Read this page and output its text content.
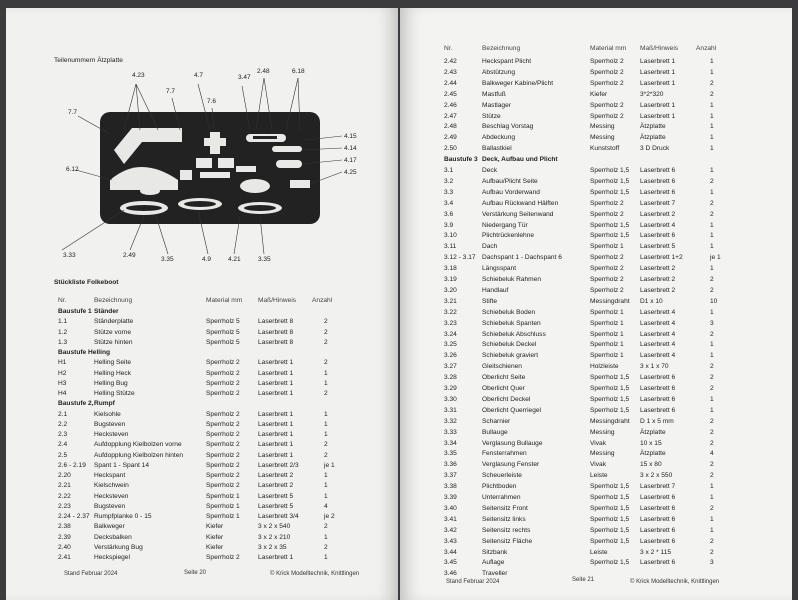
Teilenummern Ätzplatte
4.23	4.7	3.47
2.48	6.18
7.7
7.7
7.6
4.15
4.14
4.17
4.25
6.12
3.33	2.49
3.35	4.9	4.21	3.35
Stückliste Folkeboot
Nr.	Bezeichnung	Material mm Maß/Hinweis Anzahl
Baustufe 1 Ständer
1.1	Ständerplatte	Sperrholz 5	Laserbrett 8	2
1.2	Stütze vorne	Sperrholz 5	Laserbrett 8	2
1.3	Stütze hinten	Sperrholz 5	Laserbrett 8	2
Baustufe Helling
H1	Helling Seite	Sperrholz 2	Laserbrett 1	2
H2	Helling Heck	Sperrholz 2	Laserbrett 1	1
H3	Helling Bug	Sperrholz 2	Laserbrett 1	1
H4	Helling Stütze	Sperrholz 2	Laserbrett 1	2
Baustufe 2, Rumpf
2.1	Kielsohle	Sperrholz 2	Laserbrett 1	1
2.2	Bugsteven	Sperrholz 2	Laserbrett 1	1
2.3	Hecksteven	Sperrholz 2	Laserbrett 1	1
2.4	Aufdopplung Kielbolzen vorne	Sperrholz 2	Laserbrett 1	2
2.5	Aufdopplung Kielbolzen hinten	Sperrholz 2	Laserbrett 1	2
2.6 - 2.19 Spant 1 - Spant 14	Sperrholz 2	Laserbrett 2/3	je 1
2.20	Heckspant	Sperrholz 2	Laserbrett 2	1
2.21	Kielschwein	Sperrholz 2	Laserbrett 2	1
2.22	Hecksteven	Sperrholz 1	Laserbrett 5	1
2.23	Bugsteven	Sperrholz 1	Laserbrett 5	4
2.24 - 2.37 Rumpfplanke 0 - 15	Sperrholz 1	Laserbrett 3/4	je 2
2.38	Balkweger	Kiefer	3 x 2 x 540	2
2.39	Decksbalken	Kiefer	3 x 2 x 210	1
2.40	Verstärkung Bug	Kiefer	3 x 2 x 35	2
2.41	Heckspiegel	Sperrholz 2	Laserbrett 1	1
Stand Februar 2024	Seite 20	© Krick Modelltechnik, Knittlingen
Nr.	Bezeichnung	Material mm Maß/Hinweis	Anzahl
2.42	Heckspant Plicht	Sperrholz 2 Laserbrett 1	1
2.43	Abstützung	Sperrholz 2 Laserbrett 1	1
2.44	Balkweger Kabine/Plicht	Sperrholz 2 Laserbrett 1	2
2.45	Mastfuß	Kiefer	3*2*320	2
2.46	Mastlager	Sperrholz 2 Laserbrett 1	1
2.47	Stütze	Sperrholz 2 Laserbrett 1	1
2.48	Beschlag Vorstag	Messing	Ätzplatte	1
2.49	Abdeckung	Messing	Ätzplatte	1
2.50	Ballastkiel	Kunststoff	3 D Druck	1
Baustufe 3 Deck, Aufbau und Plicht
3.1	Deck	Sperrholz 1,5 Laserbrett 6	1
3.2	Aufbau/Plicht Seite	Sperrholz 1,5 Laserbrett 6	2
3.3	Aufbau Vorderwand	Sperrholz 1,5 Laserbrett 6	1
3.4	Aufbau Rückwand Hälften	Sperrholz 2 Laserbrett 7	2
3.6	Verstärkung Seitenwand	Sperrholz 2 Laserbrett 2	2
3.9	Niedergang Tür	Sperrholz 1,5 Laserbrett 4	1
3.10	Plichtrückenlehne	Sperrholz 1,5 Laserbrett 6	1
3.11	Dach	Sperrholz 1 Laserbrett 5	1
3.12 - 3.17 Dachspant 1 - Dachspant 6	Sperrholz 2 Laserbrett 1+2	je 1
3.18	Längsspant	Sperrholz 2 Laserbrett 2	1
3.19	Schiebeluk Rahmen	Sperrholz 2 Laserbrett 2	2
3.20	Handlauf	Sperrholz 2 Laserbrett 2	2
3.21	Stifte	Messingdraht D1 x 10	10
3.22	Schiebeluk Boden	Sperrholz 1 Laserbrett 4	1
3.23	Schiebeluk Spanten	Sperrholz 1 Laserbrett 4	3
3.24	Schiebeluk Abschluss	Sperrholz 1 Laserbrett 4	2
3.25	Schiebeluk Deckel	Sperrholz 1 Laserbrett 4	1
3.26	Schiebeluk graviert	Sperrholz 1 Laserbrett 4	1
3.27	Gleitschienen	Holzleiste	3 x 1 x 70	2
3.28	Oberlicht Seite	Sperrholz 1,5 Laserbrett 6	2
3.29	Oberlicht Quer	Sperrholz 1,5 Laserbrett 6	2
3.30	Oberlicht Deckel	Sperrholz 1,5 Laserbrett 6	1
3.31	Oberlicht Querriegel	Sperrholz 1,5 Laserbrett 6	1
3.32	Scharnier	Messingdraht D 1 x 5 mm	2
3.33	Bullauge	Messing	Ätzplatte	2
3.34	Verglasung Bullauge	Vivak	10 x 15	2
3.35	Fensterrahmen	Messing	Ätzplatte	4
3.36	Verglasung Fenster	Vivak	15 x 80	2
3.37	Scheuerleiste	Leiste	3 x 2 x 550	2
3.38	Plichtboden	Sperrholz 1,5 Laserbrett 7	1
3.39	Unterrahmen	Sperrholz 1,5 Laserbrett 6	1
3.40	Seitensitz Front	Sperrholz 1,5 Laserbrett 6	2
3.41	Seitensitz links	Sperrholz 1,5 Laserbrett 6	1
3.42	Seitensitz rechts	Sperrholz 1,5 Laserbrett 6	1
3.43	Seitensitz Fläche	Sperrholz 1,5 Laserbrett 6	2
3.44	Sitzbank	Leiste	3 x 2 * 115	2
3.45	Auflage	Sperrholz 1,5 Laserbrett 6	3
3.46	Traveller
Stand Februar 2024	Seite 21	© Krick Modelltechnik, Knittlingen
